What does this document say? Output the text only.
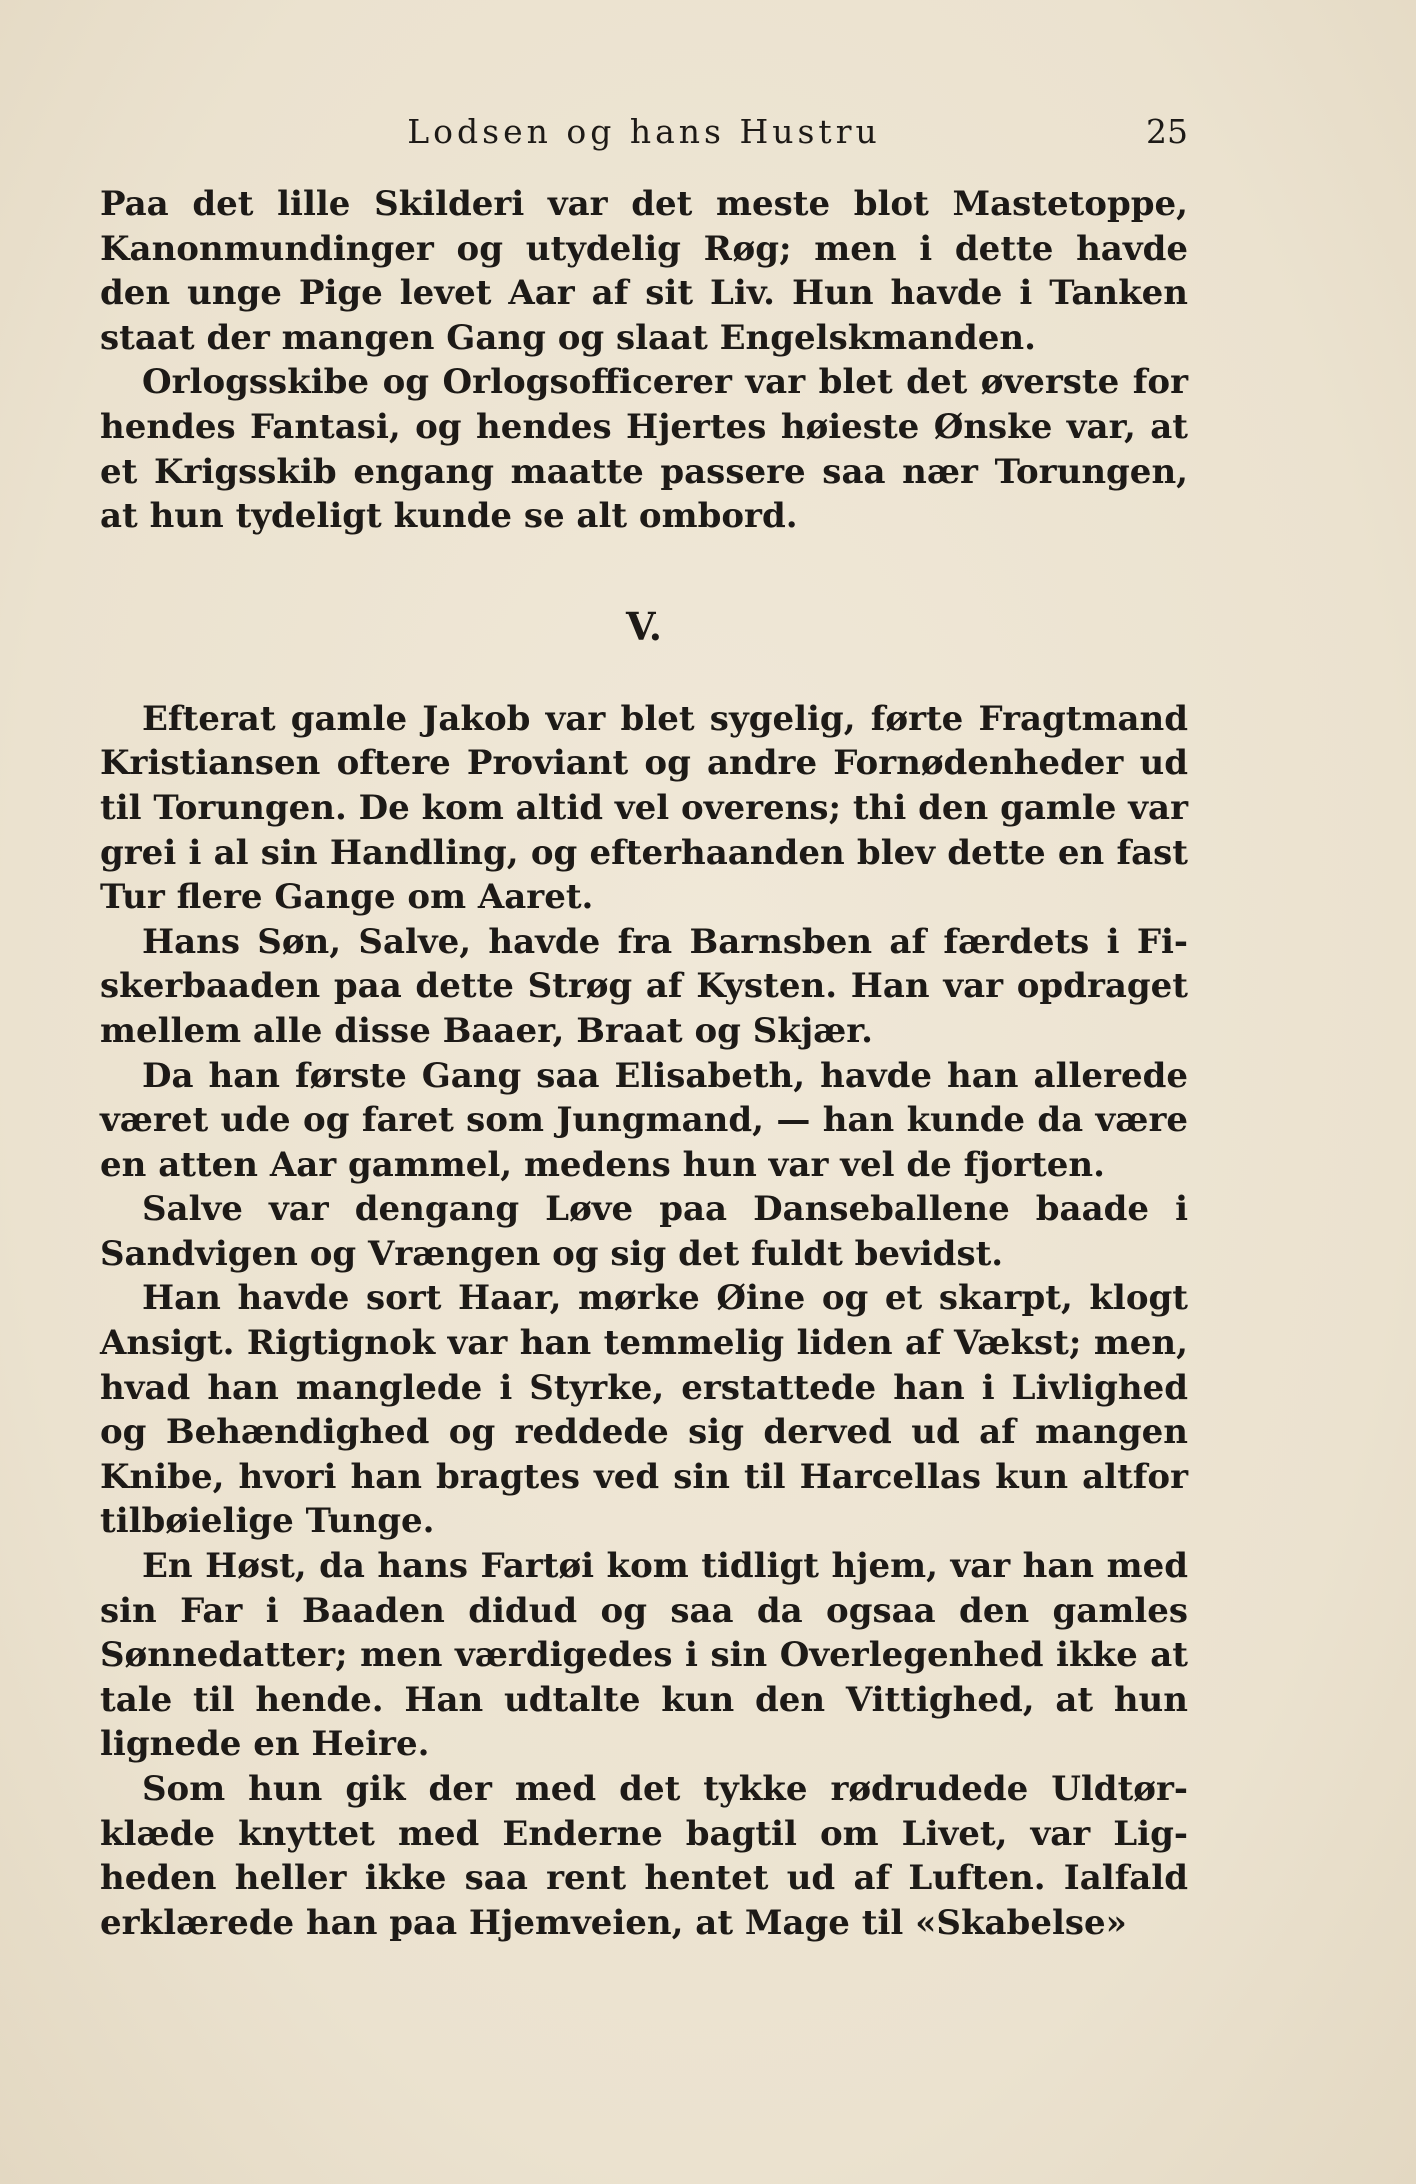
Lodsen og hans Hustru	25

Paa det lille Skilderi var det meste blot Mastetoppe, Kanonmundinger og utydelig Røg; men i dette havde den unge Pige levet Aar af sit Liv. Hun havde i Tanken staat der mangen Gang og slaat Engelskmanden.

Orlogsskibe og Orlogsofficerer var blet det øverste for hendes Fantasi, og hendes Hjertes høieste Ønske var, at et Krigsskib engang maatte passere saa nær Torungen, at hun tydeligt kunde se alt ombord.

V.

Efterat gamle Jakob var blet sygelig, førte Fragtmand Kristiansen oftere Proviant og andre Fornødenheder ud til Torungen. De kom altid vel overens; thi den gamle var grei i al sin Handling, og efterhaanden blev dette en fast Tur flere Gange om Aaret.

Hans Søn, Salve, havde fra Barnsben af færdets i Fiskerbaaden paa dette Strøg af Kysten. Han var opdraget mellem alle disse Baaer, Braat og Skjær.

Da han første Gang saa Elisabeth, havde han allerede været ude og faret som Jungmand, — han kunde da være en atten Aar gammel, medens hun var vel de fjorten.

Salve var dengang Løve paa Danseballene baade i Sandvigen og Vrængen og sig det fuldt bevidst.

Han havde sort Haar, mørke Øine og et skarpt, klogt Ansigt. Rigtignok var han temmelig liden af Vækst; men, hvad han manglede i Styrke, erstattede han i Livlighed og Behændighed og reddede sig derved ud af mangen Knibe, hvori han bragtes ved sin til Harcellas kun altfor tilbøielige Tunge.

En Høst, da hans Fartøi kom tidligt hjem, var han med sin Far i Baaden didud og saa da ogsaa den gamles Sønnedatter; men værdigedes i sin Overlegenhed ikke at tale til hende. Han udtalte kun den Vittighed, at hun lignede en Heire.

Som hun gik der med det tykke rødrudede Uldtørklæde knyttet med Enderne bagtil om Livet, var Ligheden heller ikke saa rent hentet ud af Luften. Ialfald erklærede han paa Hjemveien, at Mage til «Skabelse»
